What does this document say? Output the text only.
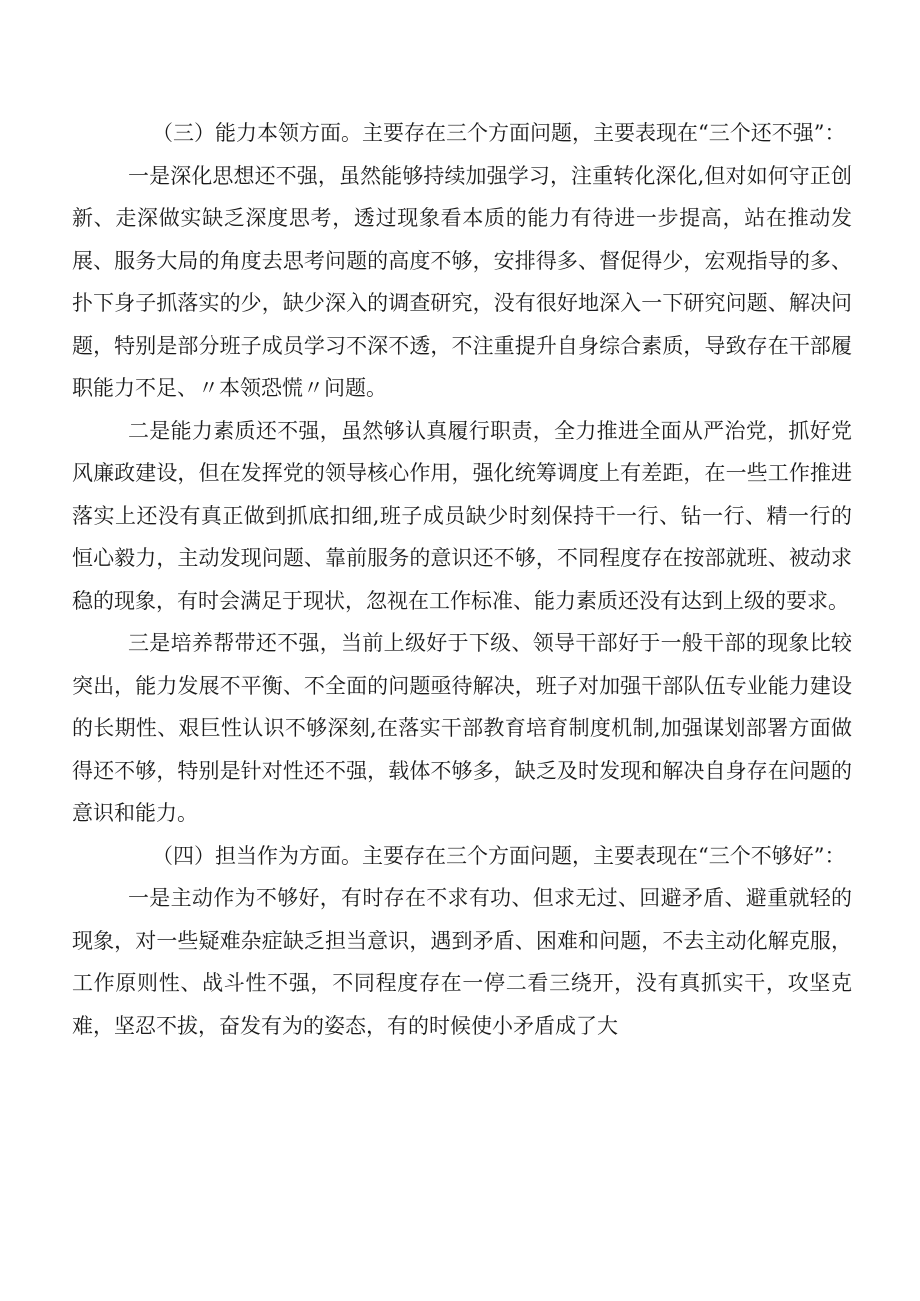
（三）能力本领方面。主要存在三个方面问题，主要表现在“三个还不强”：

一是深化思想还不强，虽然能够持续加强学习，注重转化深化,但对如何守正创新、走深做实缺乏深度思考，透过现象看本质的能力有待进一步提高，站在推动发展、服务大局的角度去思考问题的高度不够，安排得多、督促得少，宏观指导的多、扑下身子抓落实的少，缺少深入的调查研究，没有很好地深入一下研究问题、解决问题，特别是部分班子成员学习不深不透，不注重提升自身综合素质，导致存在干部履职能力不足、〃本领恐慌〃问题。

二是能力素质还不强，虽然够认真履行职责，全力推进全面从严治党，抓好党风廉政建设，但在发挥党的领导核心作用，强化统筹调度上有差距，在一些工作推进落实上还没有真正做到抓底扣细,班子成员缺少时刻保持干一行、钻一行、精一行的恒心毅力，主动发现问题、靠前服务的意识还不够，不同程度存在按部就班、被动求稳的现象，有时会满足于现状，忽视在工作标准、能力素质还没有达到上级的要求。

三是培养帮带还不强，当前上级好于下级、领导干部好于一般干部的现象比较突出，能力发展不平衡、不全面的问题亟待解决，班子对加强干部队伍专业能力建设的长期性、艰巨性认识不够深刻,在落实干部教育培育制度机制,加强谋划部署方面做得还不够，特别是针对性还不强，载体不够多，缺乏及时发现和解决自身存在问题的意识和能力。

（四）担当作为方面。主要存在三个方面问题，主要表现在“三个不够好”：

一是主动作为不够好，有时存在不求有功、但求无过、回避矛盾、避重就轻的现象，对一些疑难杂症缺乏担当意识，遇到矛盾、困难和问题，不去主动化解克服，工作原则性、战斗性不强，不同程度存在一停二看三绕开，没有真抓实干，攻坚克难，坚忍不拔，奋发有为的姿态，有的时候使小矛盾成了大
